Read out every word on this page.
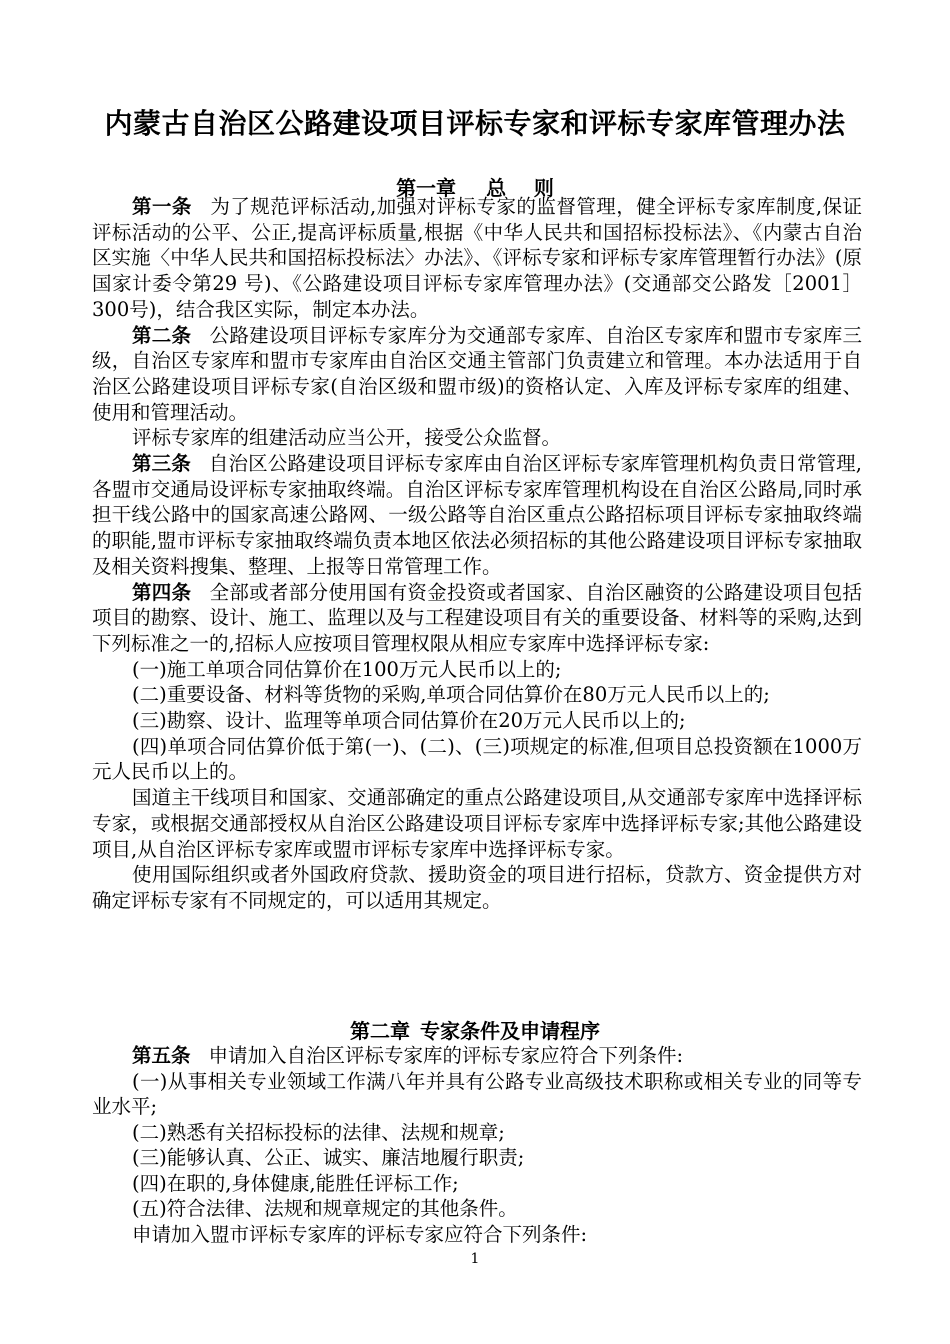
内蒙古自治区公路建设项目评标专家和评标专家库管理办法
第一章 总    则

第一条 为了规范评标活动,加强对评标专家的监督管理，健全评标专家库制度,保证评标活动的公平、公正,提高评标质量,根据《中华人民共和国招标投标法》、《内蒙古自治区实施〈中华人民共和国招标投标法〉办法》、《评标专家和评标专家库管理暂行办法》(原国家计委令第29 号)、《公路建设项目评标专家库管理办法》(交通部交公路发［2001］300号)，结合我区实际，制定本办法。

第二条 公路建设项目评标专家库分为交通部专家库、自治区专家库和盟市专家库三级，自治区专家库和盟市专家库由自治区交通主管部门负责建立和管理。本办法适用于自治区公路建设项目评标专家(自治区级和盟市级)的资格认定、入库及评标专家库的组建、使用和管理活动。

评标专家库的组建活动应当公开，接受公众监督。

第三条 自治区公路建设项目评标专家库由自治区评标专家库管理机构负责日常管理,各盟市交通局设评标专家抽取终端。自治区评标专家库管理机构设在自治区公路局,同时承担干线公路中的国家高速公路网、一级公路等自治区重点公路招标项目评标专家抽取终端的职能,盟市评标专家抽取终端负责本地区依法必须招标的其他公路建设项目评标专家抽取及相关资料搜集、整理、上报等日常管理工作。

第四条 全部或者部分使用国有资金投资或者国家、自治区融资的公路建设项目包括项目的勘察、设计、施工、监理以及与工程建设项目有关的重要设备、材料等的采购,达到下列标准之一的,招标人应按项目管理权限从相应专家库中选择评标专家:

(一)施工单项合同估算价在100万元人民币以上的;

(二)重要设备、材料等货物的采购,单项合同估算价在80万元人民币以上的;

(三)勘察、设计、监理等单项合同估算价在20万元人民币以上的;

(四)单项合同估算价低于第(一)、(二)、(三)项规定的标准,但项目总投资额在1000万元人民币以上的。

国道主干线项目和国家、交通部确定的重点公路建设项目,从交通部专家库中选择评标专家，或根据交通部授权从自治区公路建设项目评标专家库中选择评标专家;其他公路建设项目,从自治区评标专家库或盟市评标专家库中选择评标专家。

使用国际组织或者外国政府贷款、援助资金的项目进行招标，贷款方、资金提供方对确定评标专家有不同规定的，可以适用其规定。

第二章 专家条件及申请程序

第五条 申请加入自治区评标专家库的评标专家应符合下列条件:

(一)从事相关专业领域工作满八年并具有公路专业高级技术职称或相关专业的同等专业水平;

(二)熟悉有关招标投标的法律、法规和规章;

(三)能够认真、公正、诚实、廉洁地履行职责;

(四)在职的,身体健康,能胜任评标工作;

(五)符合法律、法规和规章规定的其他条件。

申请加入盟市评标专家库的评标专家应符合下列条件:

1
